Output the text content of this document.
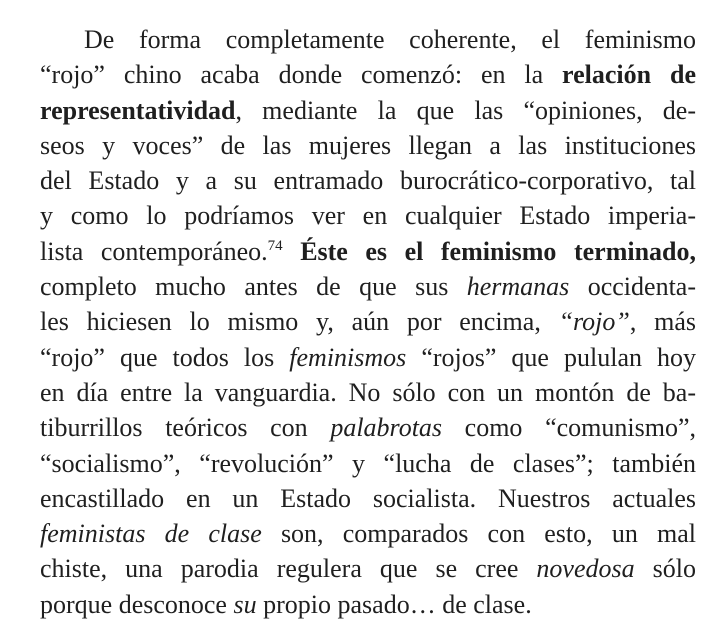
De forma completamente coherente, el feminismo
“rojo” chino acaba donde comenzó: en la relación de
representatividad, mediante la que las “opiniones, de-
seos y voces” de las mujeres llegan a las instituciones
del Estado y a su entramado burocrático-corporativo, tal
y como lo podríamos ver en cualquier Estado imperia-
lista contemporáneo.$^{74}$ Éste es el feminismo terminado,
completo mucho antes de que sus hermanas occidenta-
les hiciesen lo mismo y, aún por encima, “rojo”, más
“rojo” que todos los feminismos “rojos” que pululan hoy
en día entre la vanguardia. No sólo con un montón de ba-
tiburrillos teóricos con palabrotas como “comunismo”,
“socialismo”, “revolución” y “lucha de clases”; también
encastillado en un Estado socialista. Nuestros actuales
feministas de clase son, comparados con esto, un mal
chiste, una parodia regulera que se cree novedosa sólo
porque desconoce su propio pasado… de clase.
